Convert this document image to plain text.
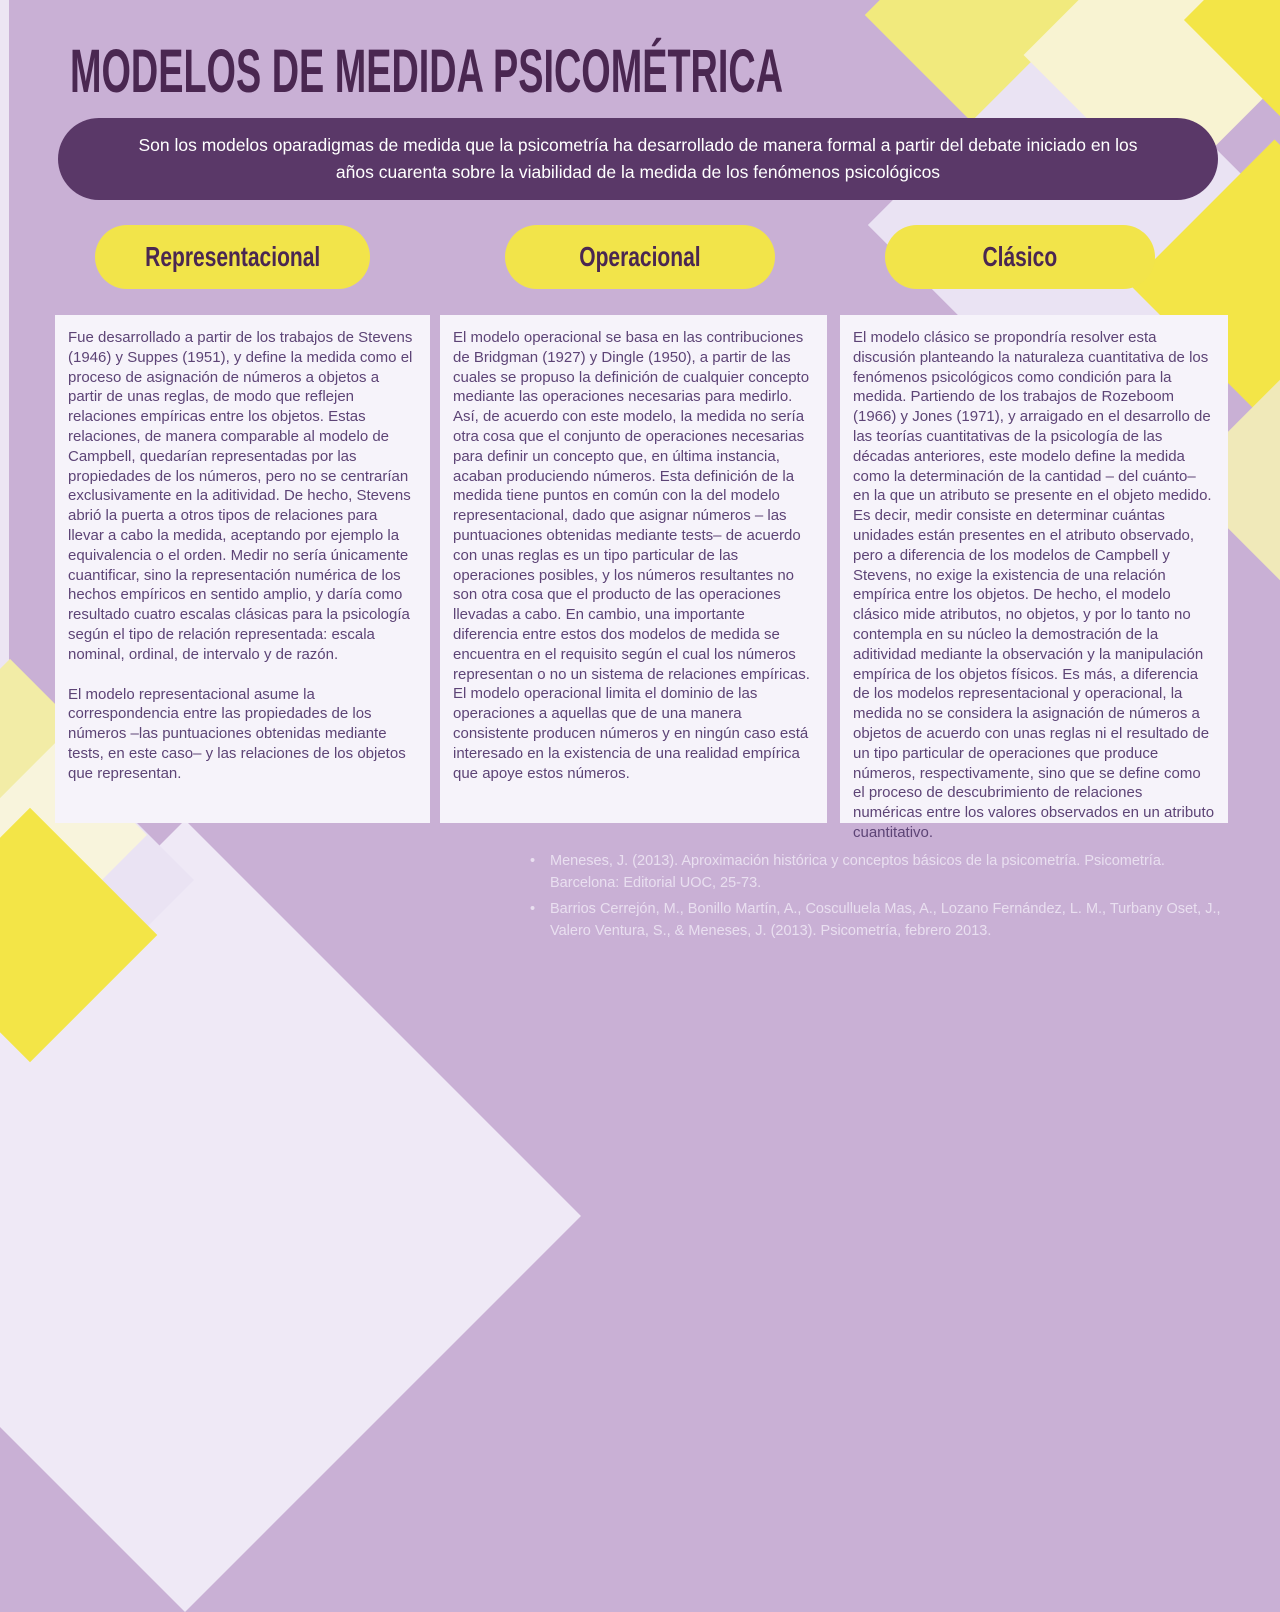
MODELOS DE MEDIDA PSICOMÉTRICA

Son los modelos oparadigmas de medida que la psicometría ha desarrollado de manera formal a partir del debate iniciado en los años cuarenta sobre la viabilidad de la medida de los fenómenos psicológicos

Representacional	Operacional	Clásico

Fue desarrollado a partir de los trabajos de Stevens (1946) y Suppes (1951), y define la medida como el proceso de asignación de números a objetos a partir de unas reglas, de modo que reflejen relaciones empíricas entre los objetos. Estas relaciones, de manera comparable al modelo de Campbell, quedarían representadas por las propiedades de los números, pero no se centrarían exclusivamente en la aditividad. De hecho, Stevens abrió la puerta a otros tipos de relaciones para llevar a cabo la medida, aceptando por ejemplo la equivalencia o el orden. Medir no sería únicamente cuantificar, sino la representación numérica de los hechos empíricos en sentido amplio, y daría como resultado cuatro escalas clásicas para la psicología según el tipo de relación representada: escala nominal, ordinal, de intervalo y de razón.

El modelo representacional asume la correspondencia entre las propiedades de los números –las puntuaciones obtenidas mediante tests, en este caso– y las relaciones de los objetos que representan.

El modelo operacional se basa en las contribuciones de Bridgman (1927) y Dingle (1950), a partir de las cuales se propuso la definición de cualquier concepto mediante las operaciones necesarias para medirlo. Así, de acuerdo con este modelo, la medida no sería otra cosa que el conjunto de operaciones necesarias para definir un concepto que, en última instancia, acaban produciendo números. Esta definición de la medida tiene puntos en común con la del modelo representacional, dado que asignar números – las puntuaciones obtenidas mediante tests– de acuerdo con unas reglas es un tipo particular de las operaciones posibles, y los números resultantes no son otra cosa que el producto de las operaciones llevadas a cabo. En cambio, una importante diferencia entre estos dos modelos de medida se encuentra en el requisito según el cual los números representan o no un sistema de relaciones empíricas.

El modelo operacional limita el dominio de las operaciones a aquellas que de una manera consistente producen números y en ningún caso está interesado en la existencia de una realidad empírica que apoye estos números.

El modelo clásico se propondría resolver esta discusión planteando la naturaleza cuantitativa de los fenómenos psicológicos como condición para la medida. Partiendo de los trabajos de Rozeboom (1966) y Jones (1971), y arraigado en el desarrollo de las teorías cuantitativas de la psicología de las décadas anteriores, este modelo define la medida como la determinación de la cantidad – del cuánto– en la que un atributo se presente en el objeto medido. Es decir, medir consiste en determinar cuántas unidades están presentes en el atributo observado, pero a diferencia de los modelos de Campbell y Stevens, no exige la existencia de una relación empírica entre los objetos. De hecho, el modelo clásico mide atributos, no objetos, y por lo tanto no contempla en su núcleo la demostración de la aditividad mediante la observación y la manipulación empírica de los objetos físicos. Es más, a diferencia de los modelos representacional y operacional, la medida no se considera la asignación de números a objetos de acuerdo con unas reglas ni el resultado de un tipo particular de operaciones que produce números, respectivamente, sino que se define como el proceso de descubrimiento de relaciones numéricas entre los valores observados en un atributo cuantitativo.

• Meneses, J. (2013). Aproximación histórica y conceptos básicos de la psicometría. Psicometría. Barcelona: Editorial UOC, 25-73.
• Barrios Cerrejón, M., Bonillo Martín, A., Cosculluela Mas, A., Lozano Fernández, L. M., Turbany Oset, J., Valero Ventura, S., & Meneses, J. (2013). Psicometría, febrero 2013.
